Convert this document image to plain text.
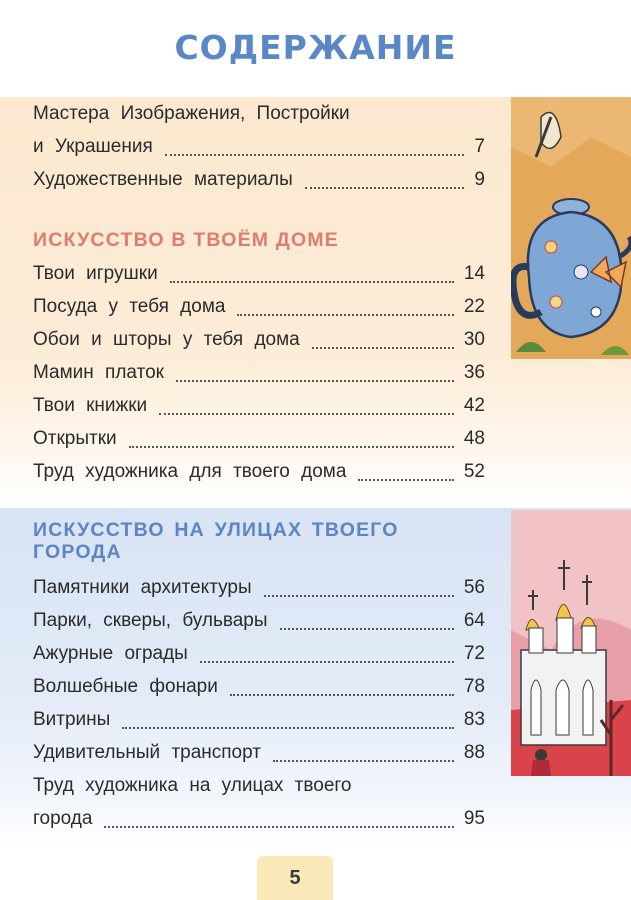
СОДЕРЖАНИЕ
Мастера Изображения, Постройки
и Украшения	7
Художественные материалы	9
ИСКУССТВО В ТВОЁМ ДОМЕ
Твои игрушки	14
Посуда у тебя дома	22
Обои и шторы у тебя дома	30
Мамин платок	36
Твои книжки	42
Открытки	48
Труд художника для твоего дома	52
ИСКУССТВО НА УЛИЦАХ ТВОЕГО
ГОРОДА
Памятники архитектуры	56
Парки, скверы, бульвары	64
Ажурные ограды	72
Волшебные фонари	78
Витрины	83
Удивительный транспорт	88
Труд художника на улицах твоего
города	95
5
